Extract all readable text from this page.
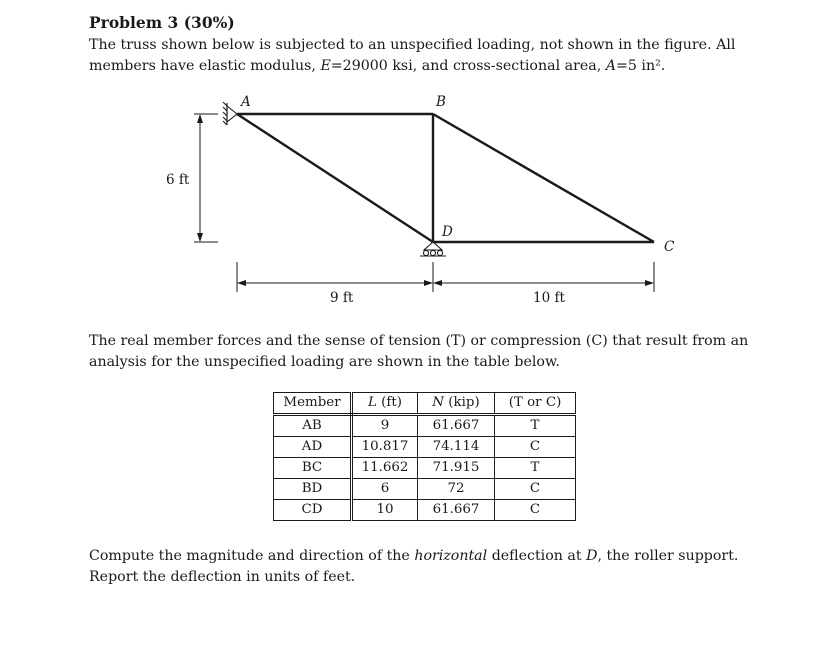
Problem 3 (30%)
The truss shown below is subjected to an unspecified loading, not shown in the figure. All
members have elastic modulus, E=29000 ksi, and cross-sectional area, A=5 in².
A	B
C
D
6 ft
9 ft	10 ft
The real member forces and the sense of tension (T) or compression (C) that result from an
analysis for the unspecified loading are shown in the table below.
Member	L (ft)	N (kip)	(T or C)
AB	9	61.667	T
AD	10.817	74.114	C
BC	11.662	71.915	T
BD	6	72	C
CD	10	61.667	C
Compute the magnitude and direction of the horizontal deflection at D, the roller support.
Report the deflection in units of feet.
